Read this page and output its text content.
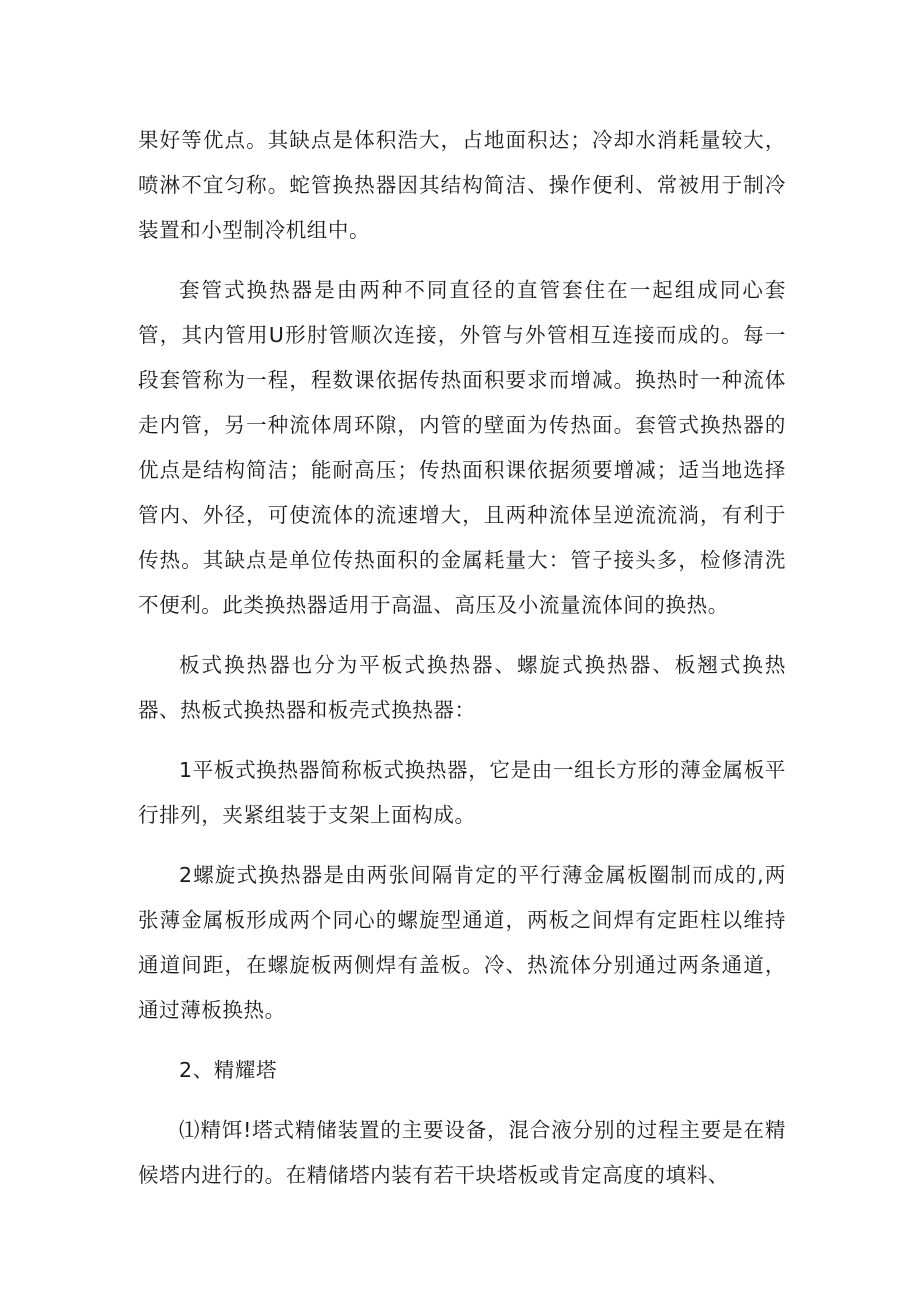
果好等优点。其缺点是体积浩大，占地面积达；冷却水消耗量较大，喷淋不宜匀称。蛇管换热器因其结构简洁、操作便利、常被用于制冷装置和小型制冷机组中。

套管式换热器是由两种不同直径的直管套住在一起组成同心套管，其内管用U形肘管顺次连接，外管与外管相互连接而成的。每一段套管称为一程，程数课依据传热面积要求而增减。换热时一种流体走内管，另一种流体周环隙，内管的壁面为传热面。套管式换热器的优点是结构简洁；能耐高压；传热面积课依据须要增减；适当地选择管内、外径，可使流体的流速增大，且两种流体呈逆流流淌，有利于传热。其缺点是单位传热面积的金属耗量大：管子接头多，检修清洗不便利。此类换热器适用于高温、高压及小流量流体间的换热。

板式换热器也分为平板式换热器、螺旋式换热器、板翘式换热器、热板式换热器和板壳式换热器：

1平板式换热器简称板式换热器，它是由一组长方形的薄金属板平行排列，夹紧组装于支架上面构成。

2螺旋式换热器是由两张间隔肯定的平行薄金属板圈制而成的,两张薄金属板形成两个同心的螺旋型通道，两板之间焊有定距柱以维持通道间距，在螺旋板两侧焊有盖板。冷、热流体分别通过两条通道，通过薄板换热。

2、精耀塔

⑴精饵!塔式精储装置的主要设备，混合液分别的过程主要是在精候塔内进行的。在精储塔内装有若干块塔板或肯定高度的填料、
